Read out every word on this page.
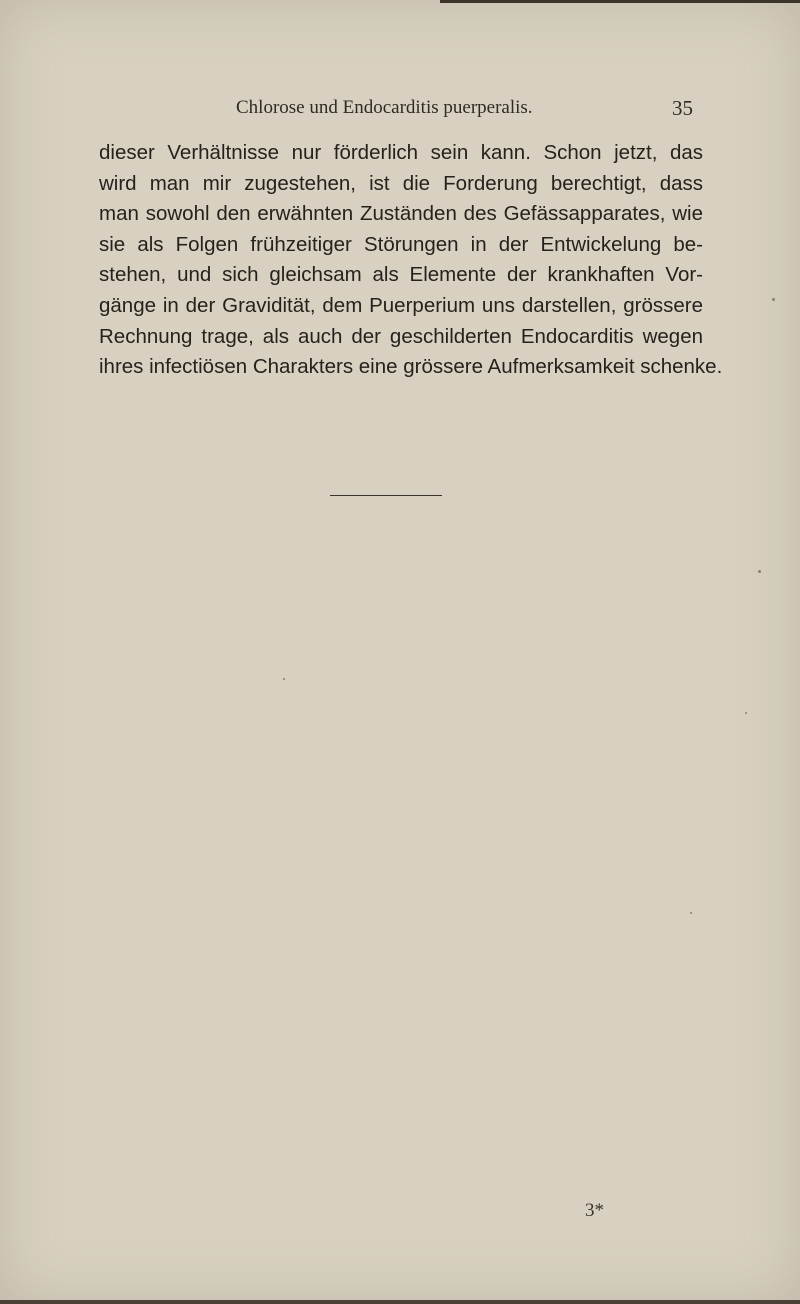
Chlorose und Endocarditis puerperalis.	35

dieser Verhältnisse nur förderlich sein kann. Schon jetzt, das
wird man mir zugestehen, ist die Forderung berechtigt, dass
man sowohl den erwähnten Zuständen des Gefässapparates, wie
sie als Folgen frühzeitiger Störungen in der Entwickelung be-
stehen, und sich gleichsam als Elemente der krankhaften Vor-
gänge in der Gravidität, dem Puerperium uns darstellen, grössere
Rechnung trage, als auch der geschilderten Endocarditis wegen
ihres infectiösen Charakters eine grössere Aufmerksamkeit schenke.

3*
